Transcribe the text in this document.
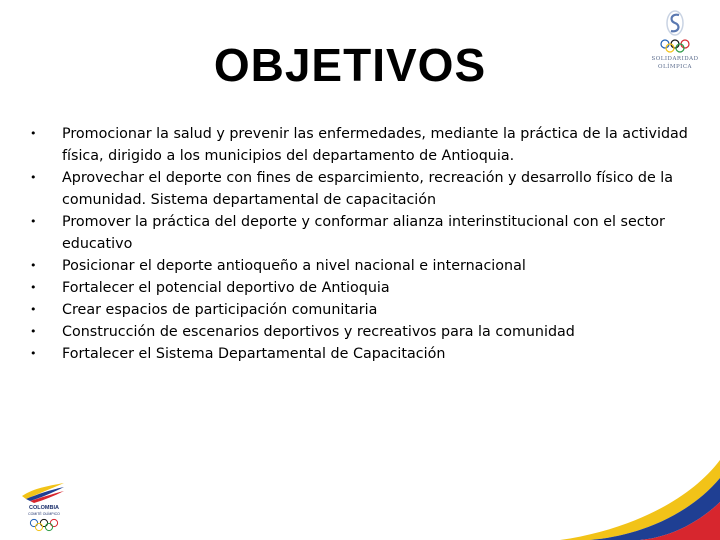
OBJETIVOS	SOLIDARIDAD
OLÍMPICA
• Promocionar la salud y prevenir las enfermedades, mediante la práctica de la actividad física, dirigido a los municipios del departamento de Antioquia.
• Aprovechar el deporte con fines de esparcimiento, recreación y desarrollo físico de la comunidad. Sistema departamental de capacitación
• Promover la práctica del deporte y conformar alianza interinstitucional con el sector educativo
• Posicionar el deporte antioqueño a nivel nacional e internacional
• Fortalecer el potencial deportivo de Antioquia
• Crear espacios de participación comunitaria
• Construcción de escenarios deportivos y recreativos para la comunidad
• Fortalecer el Sistema Departamental de Capacitación
COLOMBIA
COMITÉ OLÍMPICO
